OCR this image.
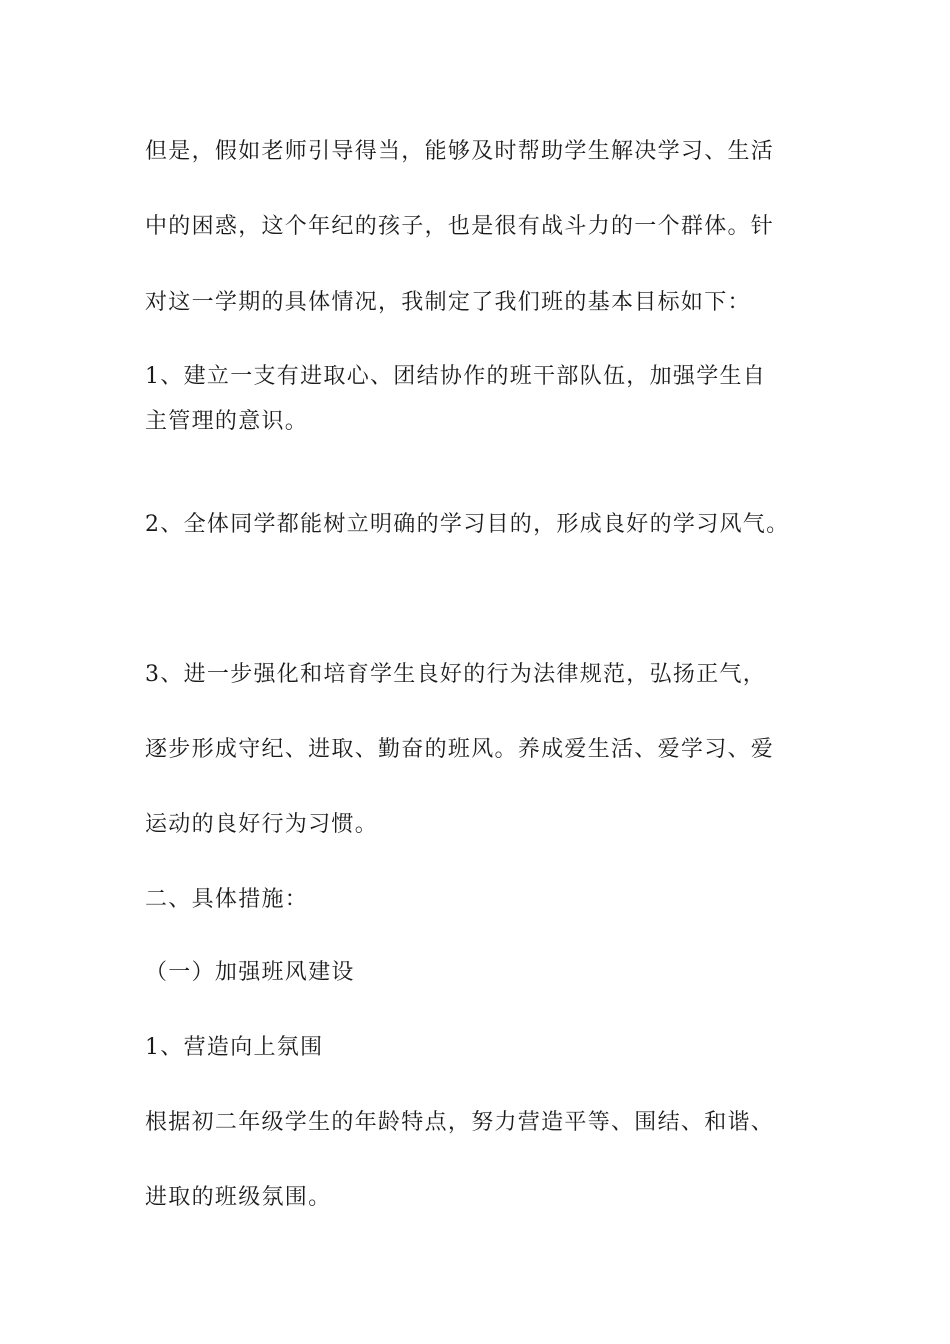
但是，假如老师引导得当，能够及时帮助学生解决学习、生活
中的困惑，这个年纪的孩子，也是很有战斗力的一个群体。针
对这一学期的具体情况，我制定了我们班的基本目标如下：
1、建立一支有进取心、团结协作的班干部队伍，加强学生自
主管理的意识。
2、全体同学都能树立明确的学习目的，形成良好的学习风气。
3、进一步强化和培育学生良好的行为法律规范，弘扬正气，
逐步形成守纪、进取、勤奋的班风。养成爱生活、爱学习、爱
运动的良好行为习惯。
二、具体措施：
（一）加强班风建设
1、营造向上氛围
根据初二年级学生的年龄特点，努力营造平等、围结、和谐、
进取的班级氛围。
